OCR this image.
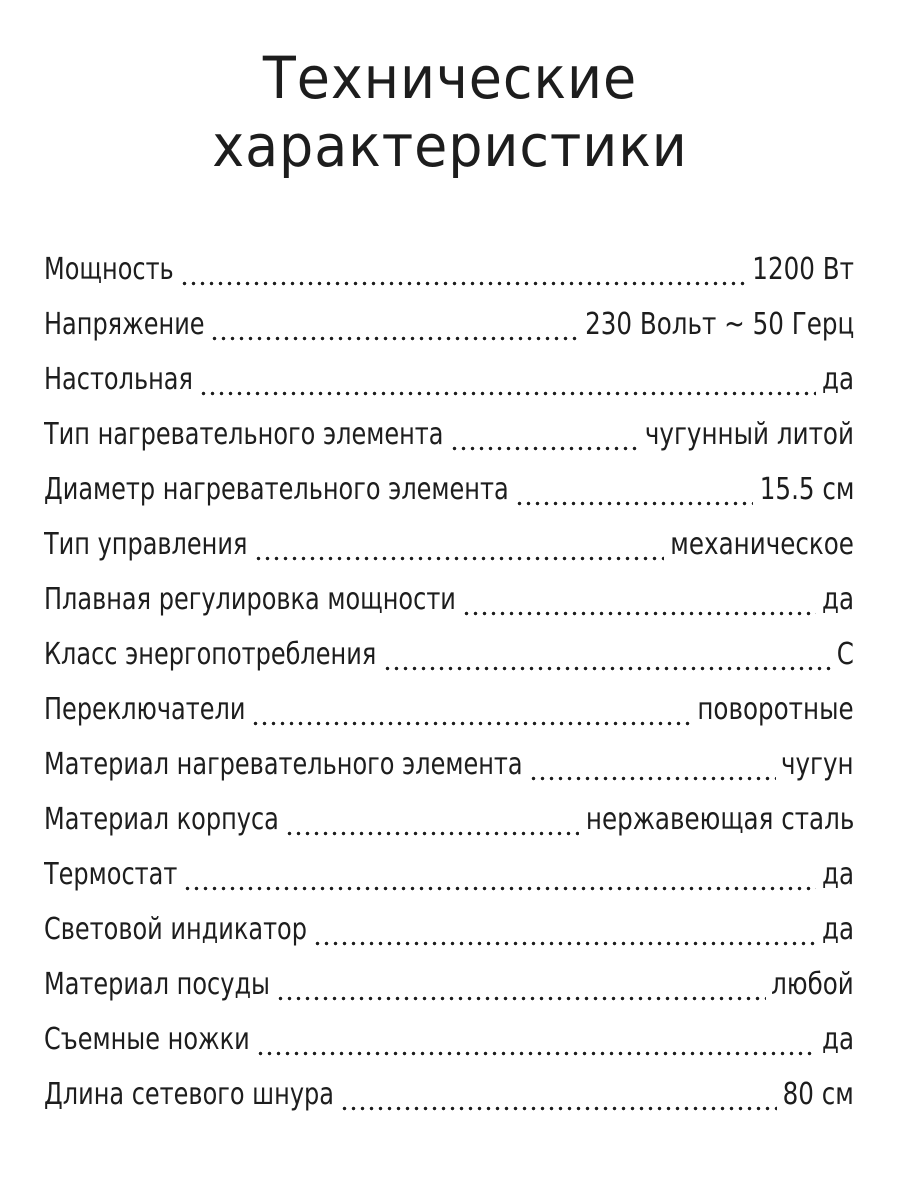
Технические
характеристики
Мощность	1200 Вт
Напряжение	230 Вольт ~ 50 Герц
Настольная	да
Тип нагревательного элемента	чугунный литой
Диаметр нагревательного элемента	15.5 см
Тип управления	механическое
Плавная регулировка мощности	да
Класс энергопотребления	С
Переключатели	поворотные
Материал нагревательного элемента	чугун
Материал корпуса	нержавеющая сталь
Термостат	да
Световой индикатор	да
Материал посуды	любой
Съемные ножки	да
Длина сетевого шнура	80 см
